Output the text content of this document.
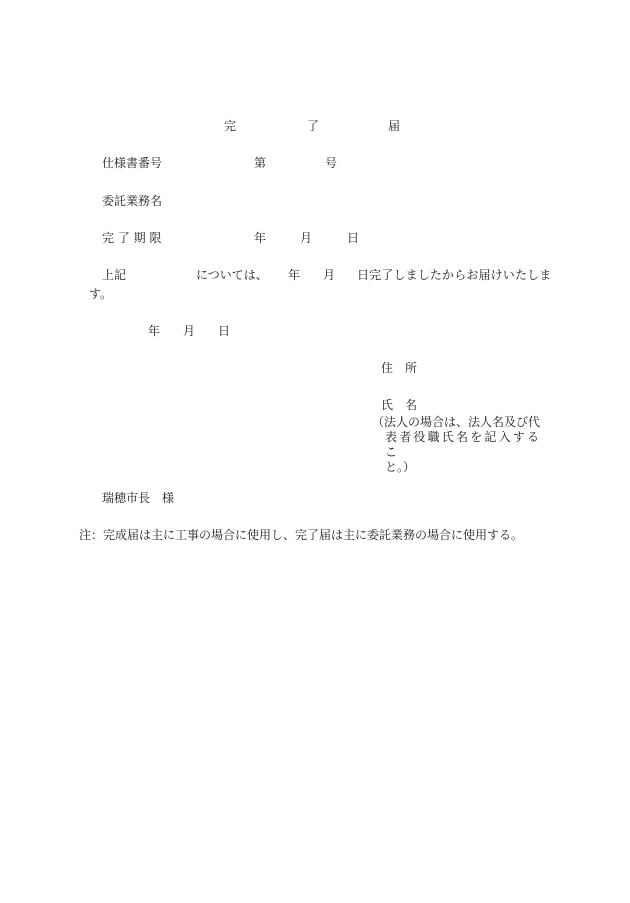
完	了	届
仕様書番号	第	号
委託業務名
完 了 期 限	年	月	日
上記	については、 年 月 日完了しましたからお届けいたしま
す。
年 月 日
住　所
氏　名
（法人の場合は、法人名及び代
表者役職氏名を記入するこ
と。）
瑞穂市長　様
注：完成届は主に工事の場合に使用し、完了届は主に委託業務の場合に使用する。
